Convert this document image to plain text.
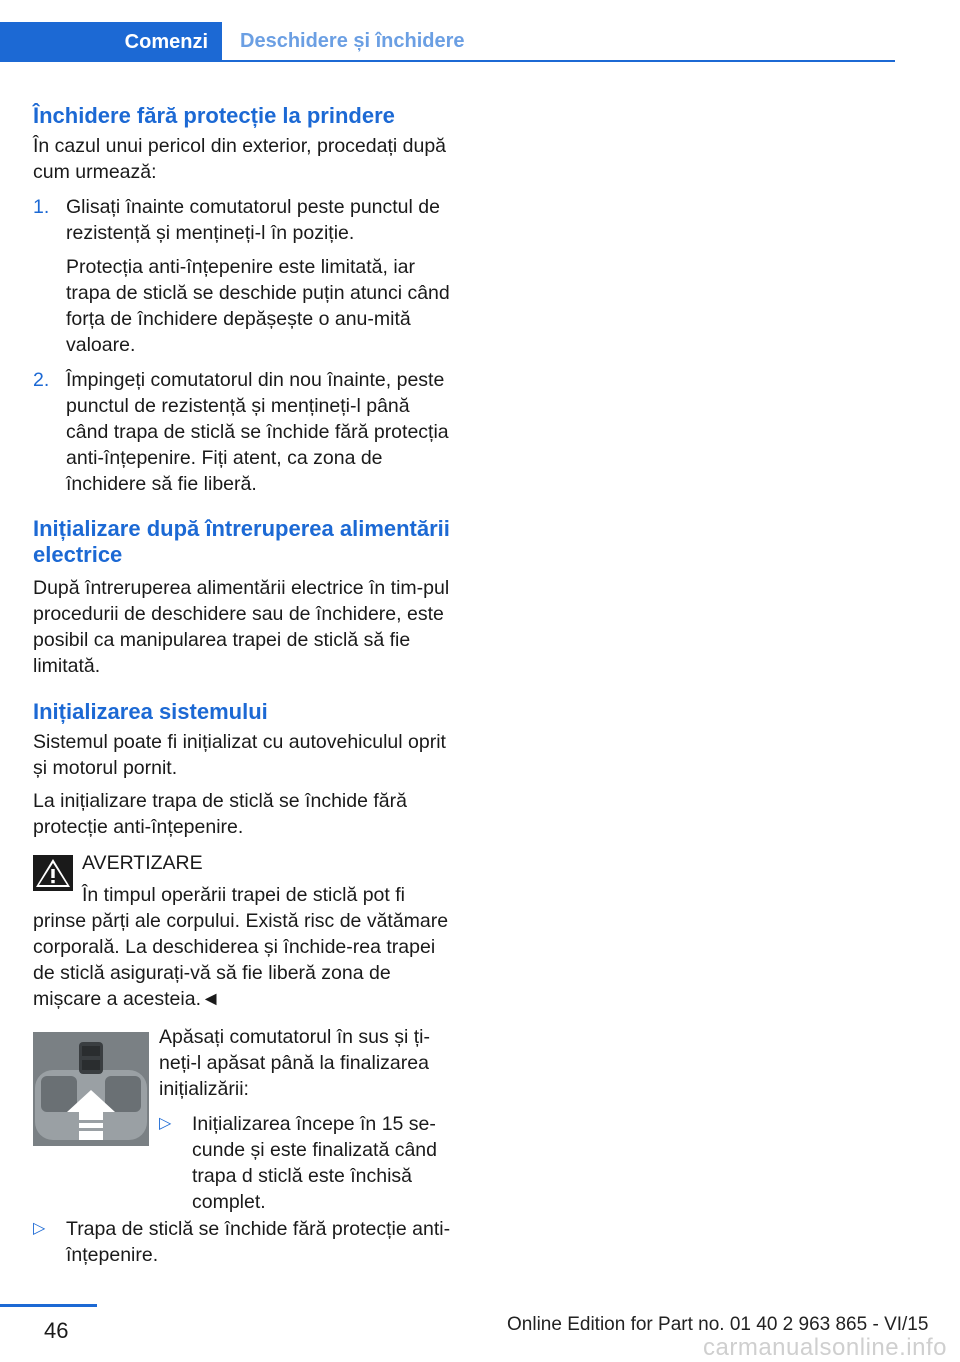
Comenzi	Deschidere și închidere
Închidere fără protecție la prindere

În cazul unui pericol din exterior, procedați după cum urmează:

1. Glisați înainte comutatorul peste punctul de rezistență și mențineți-l în poziție.

Protecția anti-înțepenire este limitată, iar trapa de sticlă se deschide puțin atunci când forța de închidere depășește o anu-mită valoare.

2. Împingeți comutatorul din nou înainte, peste punctul de rezistență și mențineți-l până când trapa de sticlă se închide fără protecția anti-înțepenire. Fiți atent, ca zona de închidere să fie liberă.

Inițializare după întreruperea alimentării electrice

După întreruperea alimentării electrice în tim-pul procedurii de deschidere sau de închidere, este posibil ca manipularea trapei de sticlă să fie limitată.

Inițializarea sistemului

Sistemul poate fi inițializat cu autovehiculul oprit și motorul pornit.

La inițializare trapa de sticlă se închide fără protecție anti-înțepenire.

AVERTIZARE

În timpul operării trapei de sticlă pot fi

prinse părți ale corpului. Există risc de vătămare corporală. La deschiderea și închide-rea trapei de sticlă asigurați-vă să fie liberă zona de mișcare a acesteia.◄

Apăsați comutatorul în sus și ți-neți-l apăsat până la finalizarea inițializării:

▷ Inițializarea începe în 15 se-cunde și este finalizată când trapa d sticlă este închisă complet.

▷ Trapa de sticlă se închide fără protecție anti-înțepenire.

46	Online Edition for Part no. 01 40 2 963 865 - VI/15
carmanualsonline.info
